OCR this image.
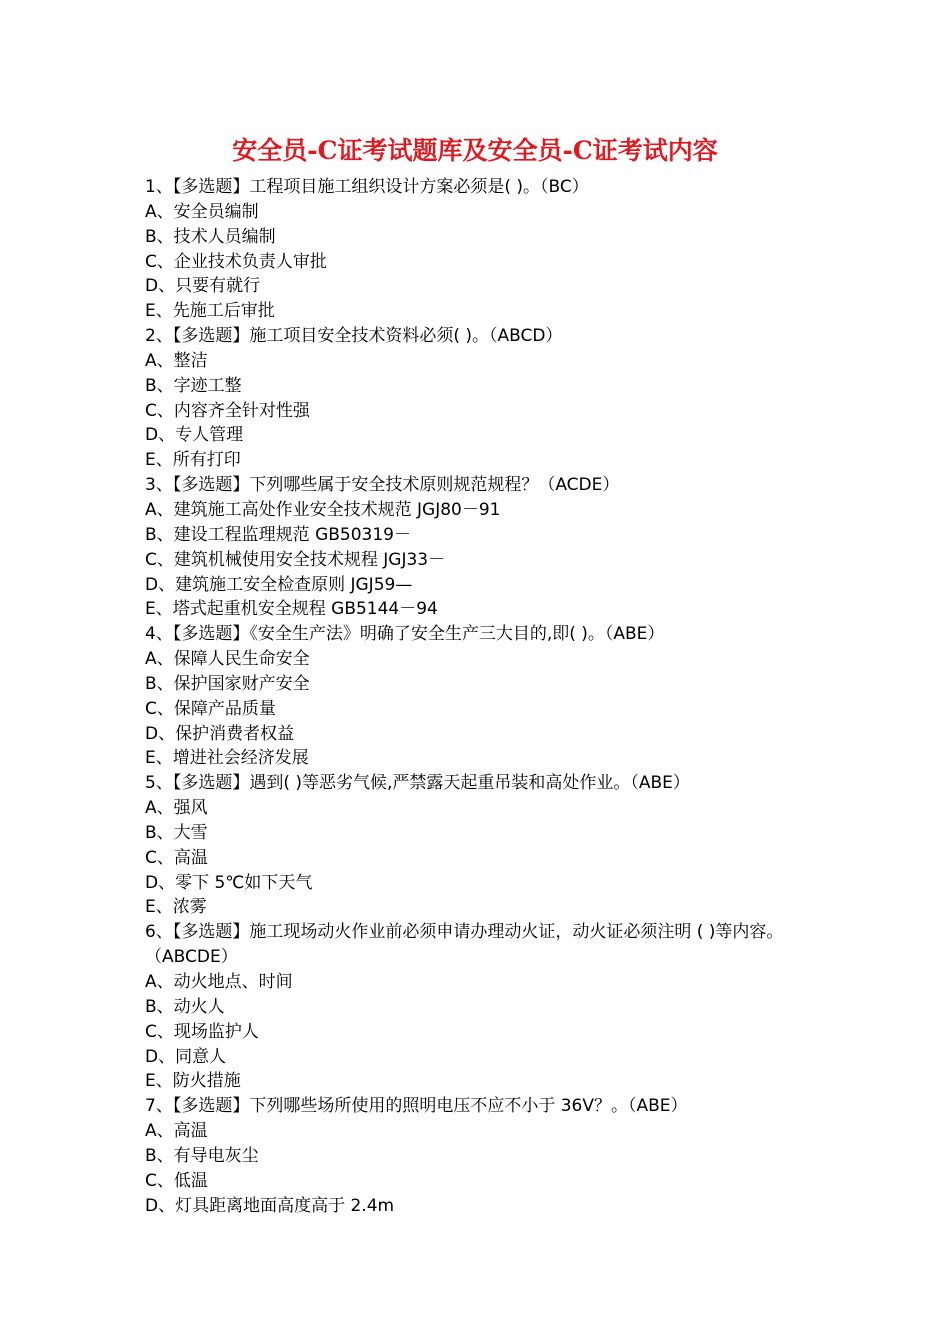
安全员-C证考试题库及安全员-C证考试内容
1、【多选题】工程项目施工组织设计方案必须是( )。（BC）
A、安全员编制
B、技术人员编制
C、企业技术负责人审批
D、只要有就行
E、先施工后审批
2、【多选题】施工项目安全技术资料必须( )。（ABCD）
A、整洁
B、字迹工整
C、内容齐全针对性强
D、专人管理
E、所有打印
3、【多选题】下列哪些属于安全技术原则规范规程？（ACDE）
A、建筑施工高处作业安全技术规范 JGJ80－91
B、建设工程监理规范 GB50319－
C、建筑机械使用安全技术规程 JGJ33－
D、建筑施工安全检查原则 JGJ59—
E、塔式起重机安全规程 GB5144－94
4、【多选题】《安全生产法》明确了安全生产三大目的,即( )。（ABE）
A、保障人民生命安全
B、保护国家财产安全
C、保障产品质量
D、保护消费者权益
E、增进社会经济发展
5、【多选题】遇到( )等恶劣气候,严禁露天起重吊装和高处作业。（ABE）
A、强风
B、大雪
C、高温
D、零下 5℃如下天气
E、浓雾
6、【多选题】施工现场动火作业前必须申请办理动火证，动火证必须注明 ( )等内容。（ABCDE）
A、动火地点、时间
B、动火人
C、现场监护人
D、同意人
E、防火措施
7、【多选题】下列哪些场所使用的照明电压不应不小于 36V？。（ABE）
A、高温
B、有导电灰尘
C、低温
D、灯具距离地面高度高于 2.4m
